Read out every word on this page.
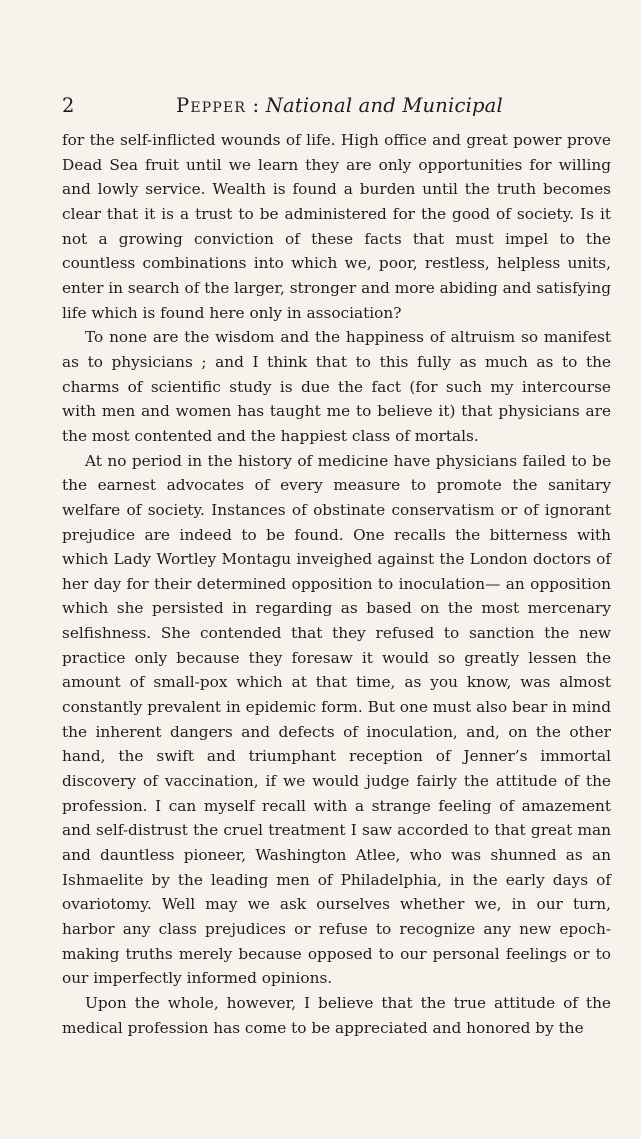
2	Pepper : National and Municipal

for the self-inflicted wounds of life. High office and great power prove Dead Sea fruit until we learn they are only opportunities for willing and lowly service. Wealth is found a burden until the truth becomes clear that it is a trust to be administered for the good of society. Is it not a growing conviction of these facts that must impel to the countless combinations into which we, poor, restless, helpless units, enter in search of the larger, stronger and more abiding and satisfying life which is found here only in association?

To none are the wisdom and the happiness of altruism so manifest as to physicians ; and I think that to this fully as much as to the charms of scientific study is due the fact (for such my intercourse with men and women has taught me to believe it) that physicians are the most contented and the happiest class of mortals.

At no period in the history of medicine have physicians failed to be the earnest advocates of every measure to promote the sanitary welfare of society. Instances of obstinate conservatism or of ignorant prejudice are indeed to be found. One recalls the bitterness with which Lady Wortley Montagu inveighed against the London doctors of her day for their determined opposition to inoculation— an opposition which she persisted in regarding as based on the most mercenary selfishness. She contended that they refused to sanction the new practice only because they foresaw it would so greatly lessen the amount of small-pox which at that time, as you know, was almost constantly prevalent in epidemic form. But one must also bear in mind the inherent dangers and defects of inoculation, and, on the other hand, the swift and triumphant reception of Jenner’s immortal discovery of vaccination, if we would judge fairly the attitude of the profession. I can myself recall with a strange feeling of amazement and self-distrust the cruel treatment I saw accorded to that great man and dauntless pioneer, Washington Atlee, who was shunned as an Ishmaelite by the leading men of Philadelphia, in the early days of ovariotomy. Well may we ask ourselves whether we, in our turn, harbor any class prejudices or refuse to recognize any new epoch-making truths merely because opposed to our personal feelings or to our imperfectly informed opinions.

Upon the whole, however, I believe that the true attitude of the medical profession has come to be appreciated and honored by the
